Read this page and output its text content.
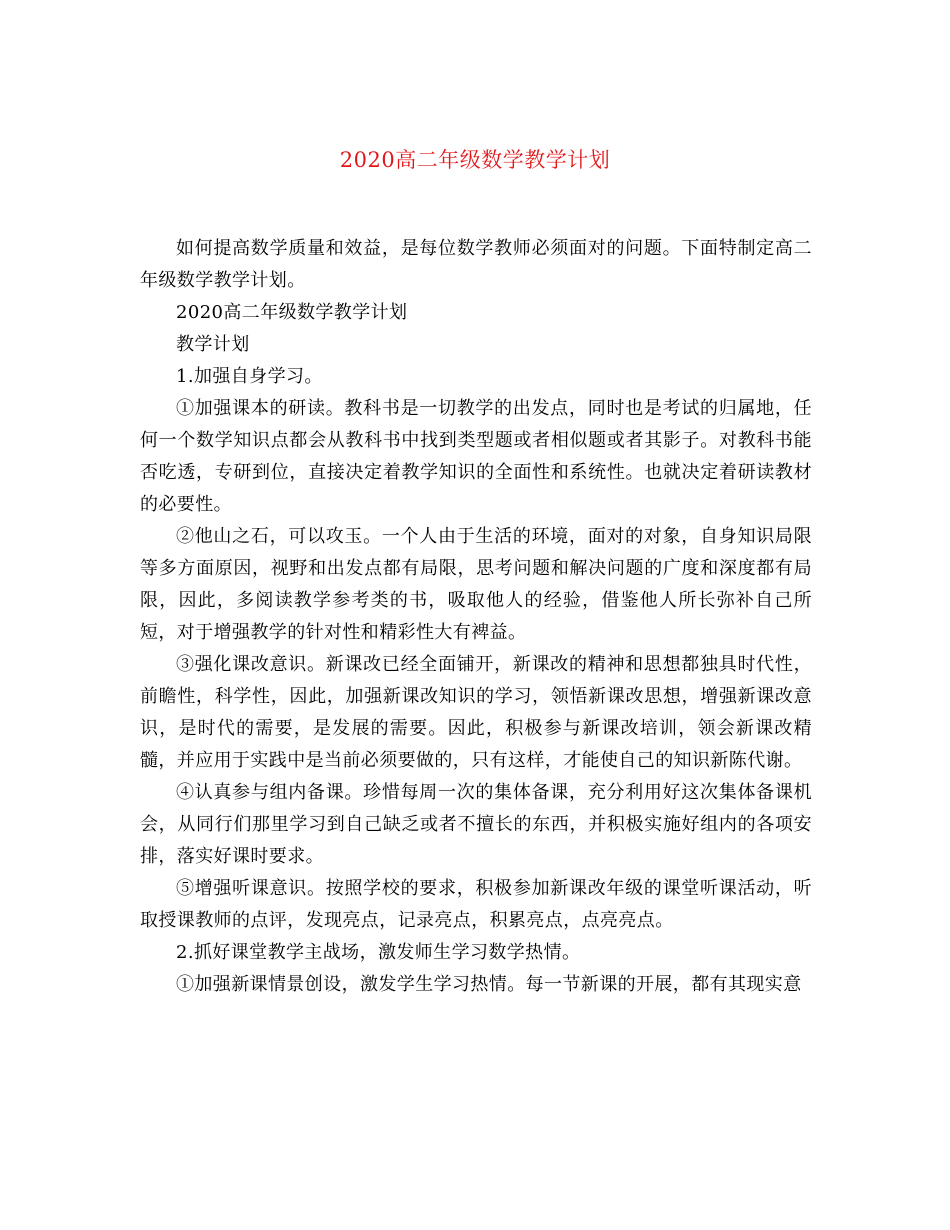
2020高二年级数学教学计划

如何提高数学质量和效益，是每位数学教师必须面对的问题。下面特制定高二年级数学教学计划。

2020高二年级数学教学计划

教学计划

1.加强自身学习。

①加强课本的研读。教科书是一切教学的出发点，同时也是考试的归属地，任何一个数学知识点都会从教科书中找到类型题或者相似题或者其影子。对教科书能否吃透，专研到位，直接决定着教学知识的全面性和系统性。也就决定着研读教材的必要性。

②他山之石，可以攻玉。一个人由于生活的环境，面对的对象，自身知识局限等多方面原因，视野和出发点都有局限，思考问题和解决问题的广度和深度都有局限，因此，多阅读教学参考类的书，吸取他人的经验，借鉴他人所长弥补自己所短，对于增强教学的针对性和精彩性大有裨益。

③强化课改意识。新课改已经全面铺开，新课改的精神和思想都独具时代性，前瞻性，科学性，因此，加强新课改知识的学习，领悟新课改思想，增强新课改意识，是时代的需要，是发展的需要。因此，积极参与新课改培训，领会新课改精髓，并应用于实践中是当前必须要做的，只有这样，才能使自己的知识新陈代谢。

④认真参与组内备课。珍惜每周一次的集体备课，充分利用好这次集体备课机会，从同行们那里学习到自己缺乏或者不擅长的东西，并积极实施好组内的各项安排，落实好课时要求。

⑤增强听课意识。按照学校的要求，积极参加新课改年级的课堂听课活动，听取授课教师的点评，发现亮点，记录亮点，积累亮点，点亮亮点。

2.抓好课堂教学主战场，激发师生学习数学热情。

①加强新课情景创设，激发学生学习热情。每一节新课的开展，都有其现实意
